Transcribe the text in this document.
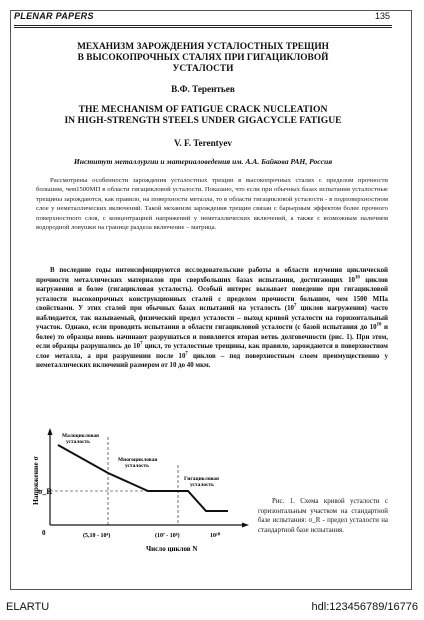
PLENAR PAPERS	135
МЕХАНИЗМ ЗАРОЖДЕНИЯ УСТАЛОСТНЫХ ТРЕЩИН
В ВЫСОКОПРОЧНЫХ СТАЛЯХ ПРИ ГИГАЦИКЛОВОЙ
УСТАЛОСТИ
В.Ф. Терентьев
THE MECHANISM OF FATIGUE CRACK NUCLEATION
IN HIGH-STRENGTH STEELS UNDER GIGACYCLE FATIGUE
V. F. Terentyev
Институт металлургии и материаловедения им. А.А. Байкова РАН, Россия

Рассмотрены особенности зарождения усталостных трещин в высокопрочных сталях с пределом прочности большим, чем1500МП в области гигацикловой усталости. Показано, что если при обычных базах испытания усталостные трещины зарождаются, как правило, на поверхности металла, то в области гигацикловой усталости - в подповерхностном слое у неметаллических включений. Такой механизм зарождения трещин связан с барьерным эффектом более прочного поверхностного слоя, с концентрацией напряжений у неметаллических включений, а также с возможным наличием водородной ловушки на границе раздела включение – матрица.

В последние годы интенсифицируются исследовательские работы в области изучения циклической прочности металлических материалов при сверхбольших базах испытания, достигающих $10^{10}$ циклов нагружения и более (гигацикловая усталость). Особый интерес вызывает поведение при гигацикловой усталости высокопрочных конструкционных сталей с пределом прочности большим, чем 1500 МПа свойствами. У этих сталей при обычных базах испытаний на усталость ($10^7$ циклов нагружения) часто наблюдается, так называемый, физический предел усталости – выход кривой усталости на горизонтальный участок. Однако, если проводить испытания в области гигацикловой усталости (с базой испытания до $10^{10}$ и более) то образцы вновь начинают разрушаться и появляется вторая ветвь долговечности (рис. 1). При этом, если образцы разрушались до $10^7$ цикл, то усталостные трещины, как правило, зарождаются в поверхностном слое металла, а при разрушении после $10^7$ циклов – под поверхностным слоем преимущественно у неметаллических включений размером от 10 до 40 мкм.

Напряжение σ
σ_R
0
Малоцикловая
усталость
Многоцикловая
усталость
Гигацикловая
усталость
(5,10 - 10⁴)	(10⁷ - 10⁸)	10¹⁰
Число циклов N

Рис. 1. Схема кривой усталости с горизонтальным участком на стандартной базе испытания: σ_R - предел усталости на стандартной базе испытания.

ELARTU	hdl:123456789/16776
